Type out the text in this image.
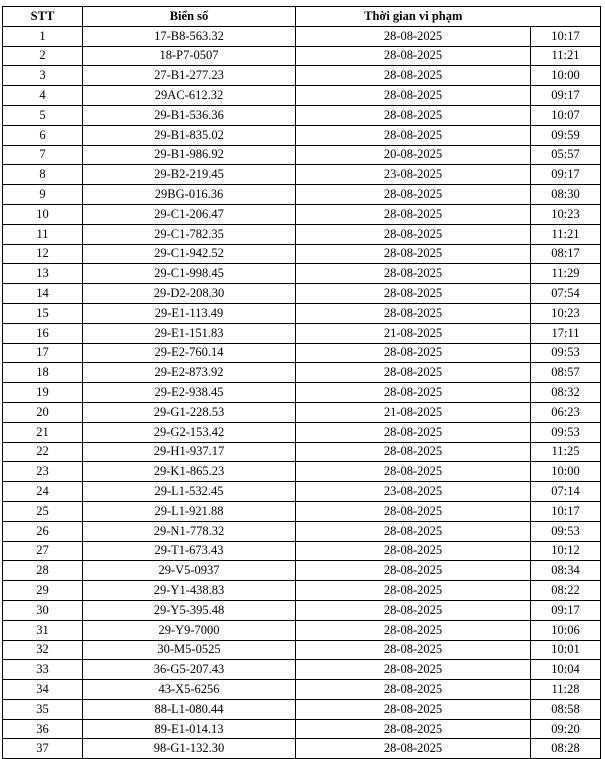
STT	Biển số	Thời gian vi phạm	
1	17-B8-563.32	28-08-2025	10:17
2	18-P7-0507	28-08-2025	11:21
3	27-B1-277.23	28-08-2025	10:00
4	29AC-612.32	28-08-2025	09:17
5	29-B1-536.36	28-08-2025	10:07
6	29-B1-835.02	28-08-2025	09:59
7	29-B1-986.92	20-08-2025	05:57
8	29-B2-219.45	23-08-2025	09:17
9	29BG-016.36	28-08-2025	08:30
10	29-C1-206.47	28-08-2025	10:23
11	29-C1-782.35	28-08-2025	11:21
12	29-C1-942.52	28-08-2025	08:17
13	29-C1-998.45	28-08-2025	11:29
14	29-D2-208.30	28-08-2025	07:54
15	29-E1-113.49	28-08-2025	10:23
16	29-E1-151.83	21-08-2025	17:11
17	29-E2-760.14	28-08-2025	09:53
18	29-E2-873.92	28-08-2025	08:57
19	29-E2-938.45	28-08-2025	08:32
20	29-G1-228.53	21-08-2025	06:23
21	29-G2-153.42	28-08-2025	09:53
22	29-H1-937.17	28-08-2025	11:25
23	29-K1-865.23	28-08-2025	10:00
24	29-L1-532.45	23-08-2025	07:14
25	29-L1-921.88	28-08-2025	10:17
26	29-N1-778.32	28-08-2025	09:53
27	29-T1-673.43	28-08-2025	10:12
28	29-V5-0937	28-08-2025	08:34
29	29-Y1-438.83	28-08-2025	08:22
30	29-Y5-395.48	28-08-2025	09:17
31	29-Y9-7000	28-08-2025	10:06
32	30-M5-0525	28-08-2025	10:01
33	36-G5-207.43	28-08-2025	10:04
34	43-X5-6256	28-08-2025	11:28
35	88-L1-080.44	28-08-2025	08:58
36	89-E1-014.13	28-08-2025	09:20
37	98-G1-132.30	28-08-2025	08:28
